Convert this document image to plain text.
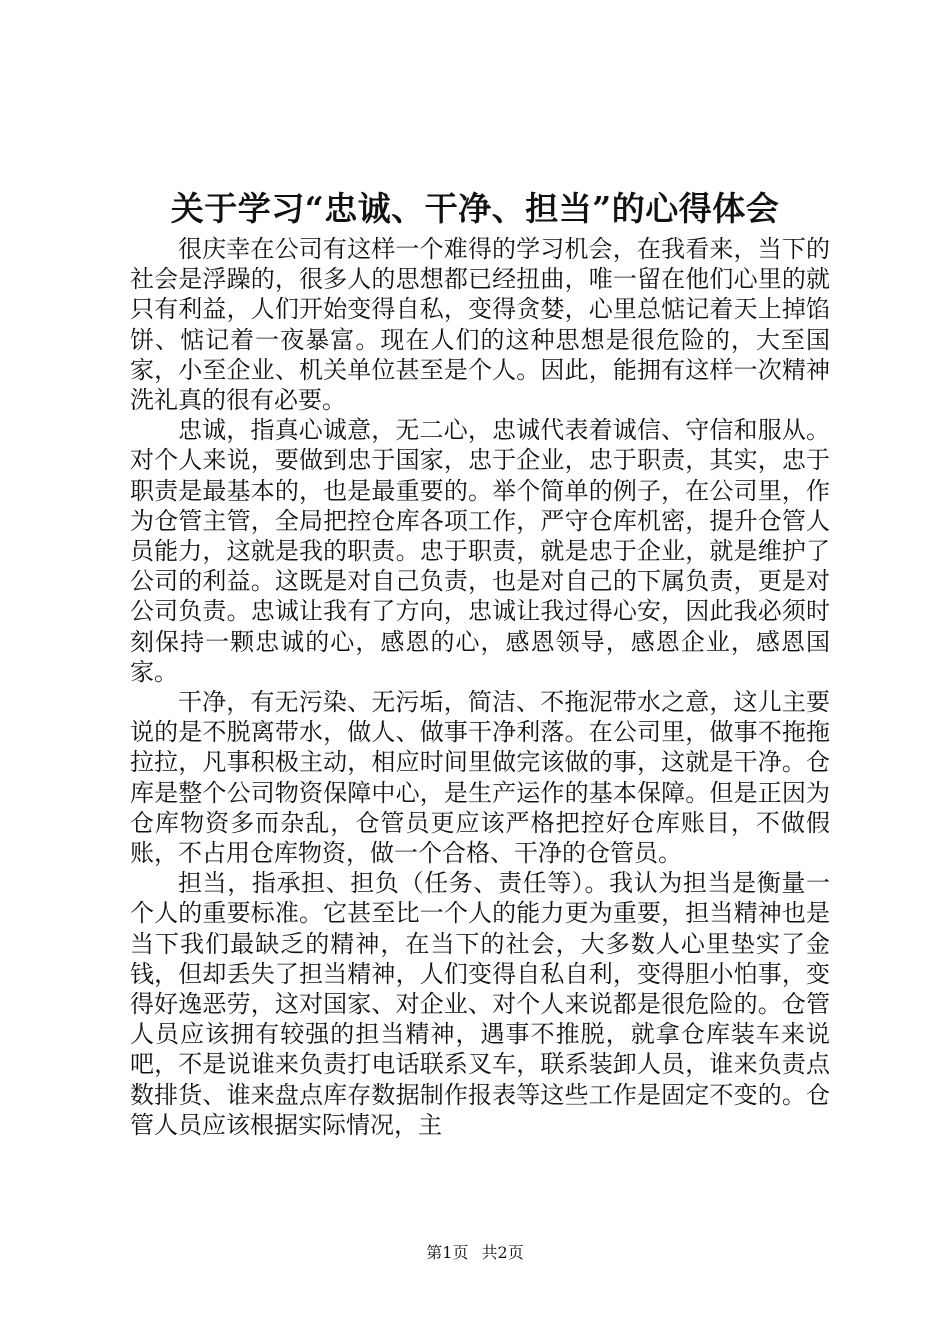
关于学习“忠诚、干净、担当”的心得体会

很庆幸在公司有这样一个难得的学习机会，在我看来，当下的社会是浮躁的，很多人的思想都已经扭曲，唯一留在他们心里的就只有利益，人们开始变得自私，变得贪婪，心里总惦记着天上掉馅饼、惦记着一夜暴富。现在人们的这种思想是很危险的，大至国家，小至企业、机关单位甚至是个人。因此，能拥有这样一次精神洗礼真的很有必要。

忠诚，指真心诚意，无二心，忠诚代表着诚信、守信和服从。对个人来说，要做到忠于国家，忠于企业，忠于职责，其实，忠于职责是最基本的，也是最重要的。举个简单的例子，在公司里，作为仓管主管，全局把控仓库各项工作，严守仓库机密，提升仓管人员能力，这就是我的职责。忠于职责，就是忠于企业，就是维护了公司的利益。这既是对自己负责，也是对自己的下属负责，更是对公司负责。忠诚让我有了方向，忠诚让我过得心安，因此我必须时刻保持一颗忠诚的心，感恩的心，感恩领导，感恩企业，感恩国家。

干净，有无污染、无污垢，简洁、不拖泥带水之意，这儿主要说的是不脱离带水，做人、做事干净利落。在公司里，做事不拖拖拉拉，凡事积极主动，相应时间里做完该做的事，这就是干净。仓库是整个公司物资保障中心，是生产运作的基本保障。但是正因为仓库物资多而杂乱，仓管员更应该严格把控好仓库账目，不做假账，不占用仓库物资，做一个合格、干净的仓管员。

担当，指承担、担负（任务、责任等）。我认为担当是衡量一个人的重要标准。它甚至比一个人的能力更为重要，担当精神也是当下我们最缺乏的精神，在当下的社会，大多数人心里垫实了金钱，但却丢失了担当精神，人们变得自私自利，变得胆小怕事，变得好逸恶劳，这对国家、对企业、对个人来说都是很危险的。仓管人员应该拥有较强的担当精神，遇事不推脱，就拿仓库装车来说吧，不是说谁来负责打电话联系叉车，联系装卸人员，谁来负责点数排货、谁来盘点库存数据制作报表等这些工作是固定不变的。仓管人员应该根据实际情况，主

第1页 共2页
